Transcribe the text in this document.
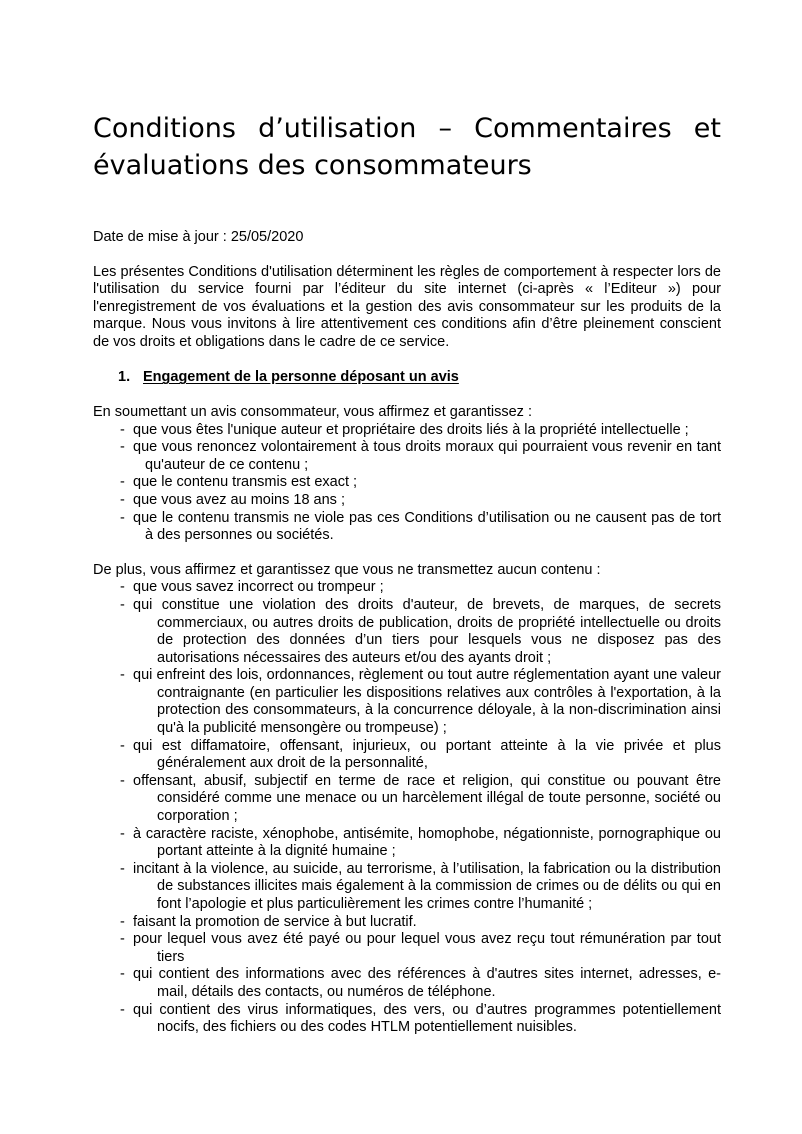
Conditions d’utilisation – Commentaires et
évaluations des consommateurs
Date de mise à jour : 25/05/2020

Les présentes Conditions d'utilisation déterminent les règles de comportement à respecter lors de l'utilisation du service fourni par l’éditeur du site internet (ci-après « l’Editeur ») pour l'enregistrement de vos évaluations et la gestion des avis consommateur sur les produits de la marque. Nous vous invitons à lire attentivement ces conditions afin d’être pleinement conscient de vos droits et obligations dans le cadre de ce service.

1. Engagement de la personne déposant un avis
En soumettant un avis consommateur, vous affirmez et garantissez :
- que vous êtes l'unique auteur et propriétaire des droits liés à la propriété intellectuelle ;
- que vous renoncez volontairement à tous droits moraux qui pourraient vous revenir en tant qu'auteur de ce contenu ;
- que le contenu transmis est exact ;
- que vous avez au moins 18 ans ;
- que le contenu transmis ne viole pas ces Conditions d’utilisation ou ne causent pas de tort à des personnes ou sociétés.
De plus, vous affirmez et garantissez que vous ne transmettez aucun contenu :
- que vous savez incorrect ou trompeur ;
- qui constitue une violation des droits d'auteur, de brevets, de marques, de secrets commerciaux, ou autres droits de publication, droits de propriété intellectuelle ou droits de protection des données d’un tiers pour lesquels vous ne disposez pas des autorisations nécessaires des auteurs et/ou des ayants droit ;
- qui enfreint des lois, ordonnances, règlement ou tout autre réglementation ayant une valeur contraignante (en particulier les dispositions relatives aux contrôles à l'exportation, à la protection des consommateurs, à la concurrence déloyale, à la non-discrimination ainsi qu'à la publicité mensongère ou trompeuse) ;
- qui est diffamatoire, offensant, injurieux, ou portant atteinte à la vie privée et plus généralement aux droit de la personnalité,
- offensant, abusif, subjectif en terme de race et religion, qui constitue ou pouvant être considéré comme une menace ou un harcèlement illégal de toute personne, société ou corporation ;
- à caractère raciste, xénophobe, antisémite, homophobe, négationniste, pornographique ou portant atteinte à la dignité humaine ;
- incitant à la violence, au suicide, au terrorisme, à l’utilisation, la fabrication ou la distribution de substances illicites mais également à la commission de crimes ou de délits ou qui en font l’apologie et plus particulièrement les crimes contre l’humanité ;
- faisant la promotion de service à but lucratif.
- pour lequel vous avez été payé ou pour lequel vous avez reçu tout rémunération par tout tiers
- qui contient des informations avec des références à d'autres sites internet, adresses, e-mail, détails des contacts, ou numéros de téléphone.
- qui contient des virus informatiques, des vers, ou d’autres programmes potentiellement nocifs, des fichiers ou des codes HTLM potentiellement nuisibles.
